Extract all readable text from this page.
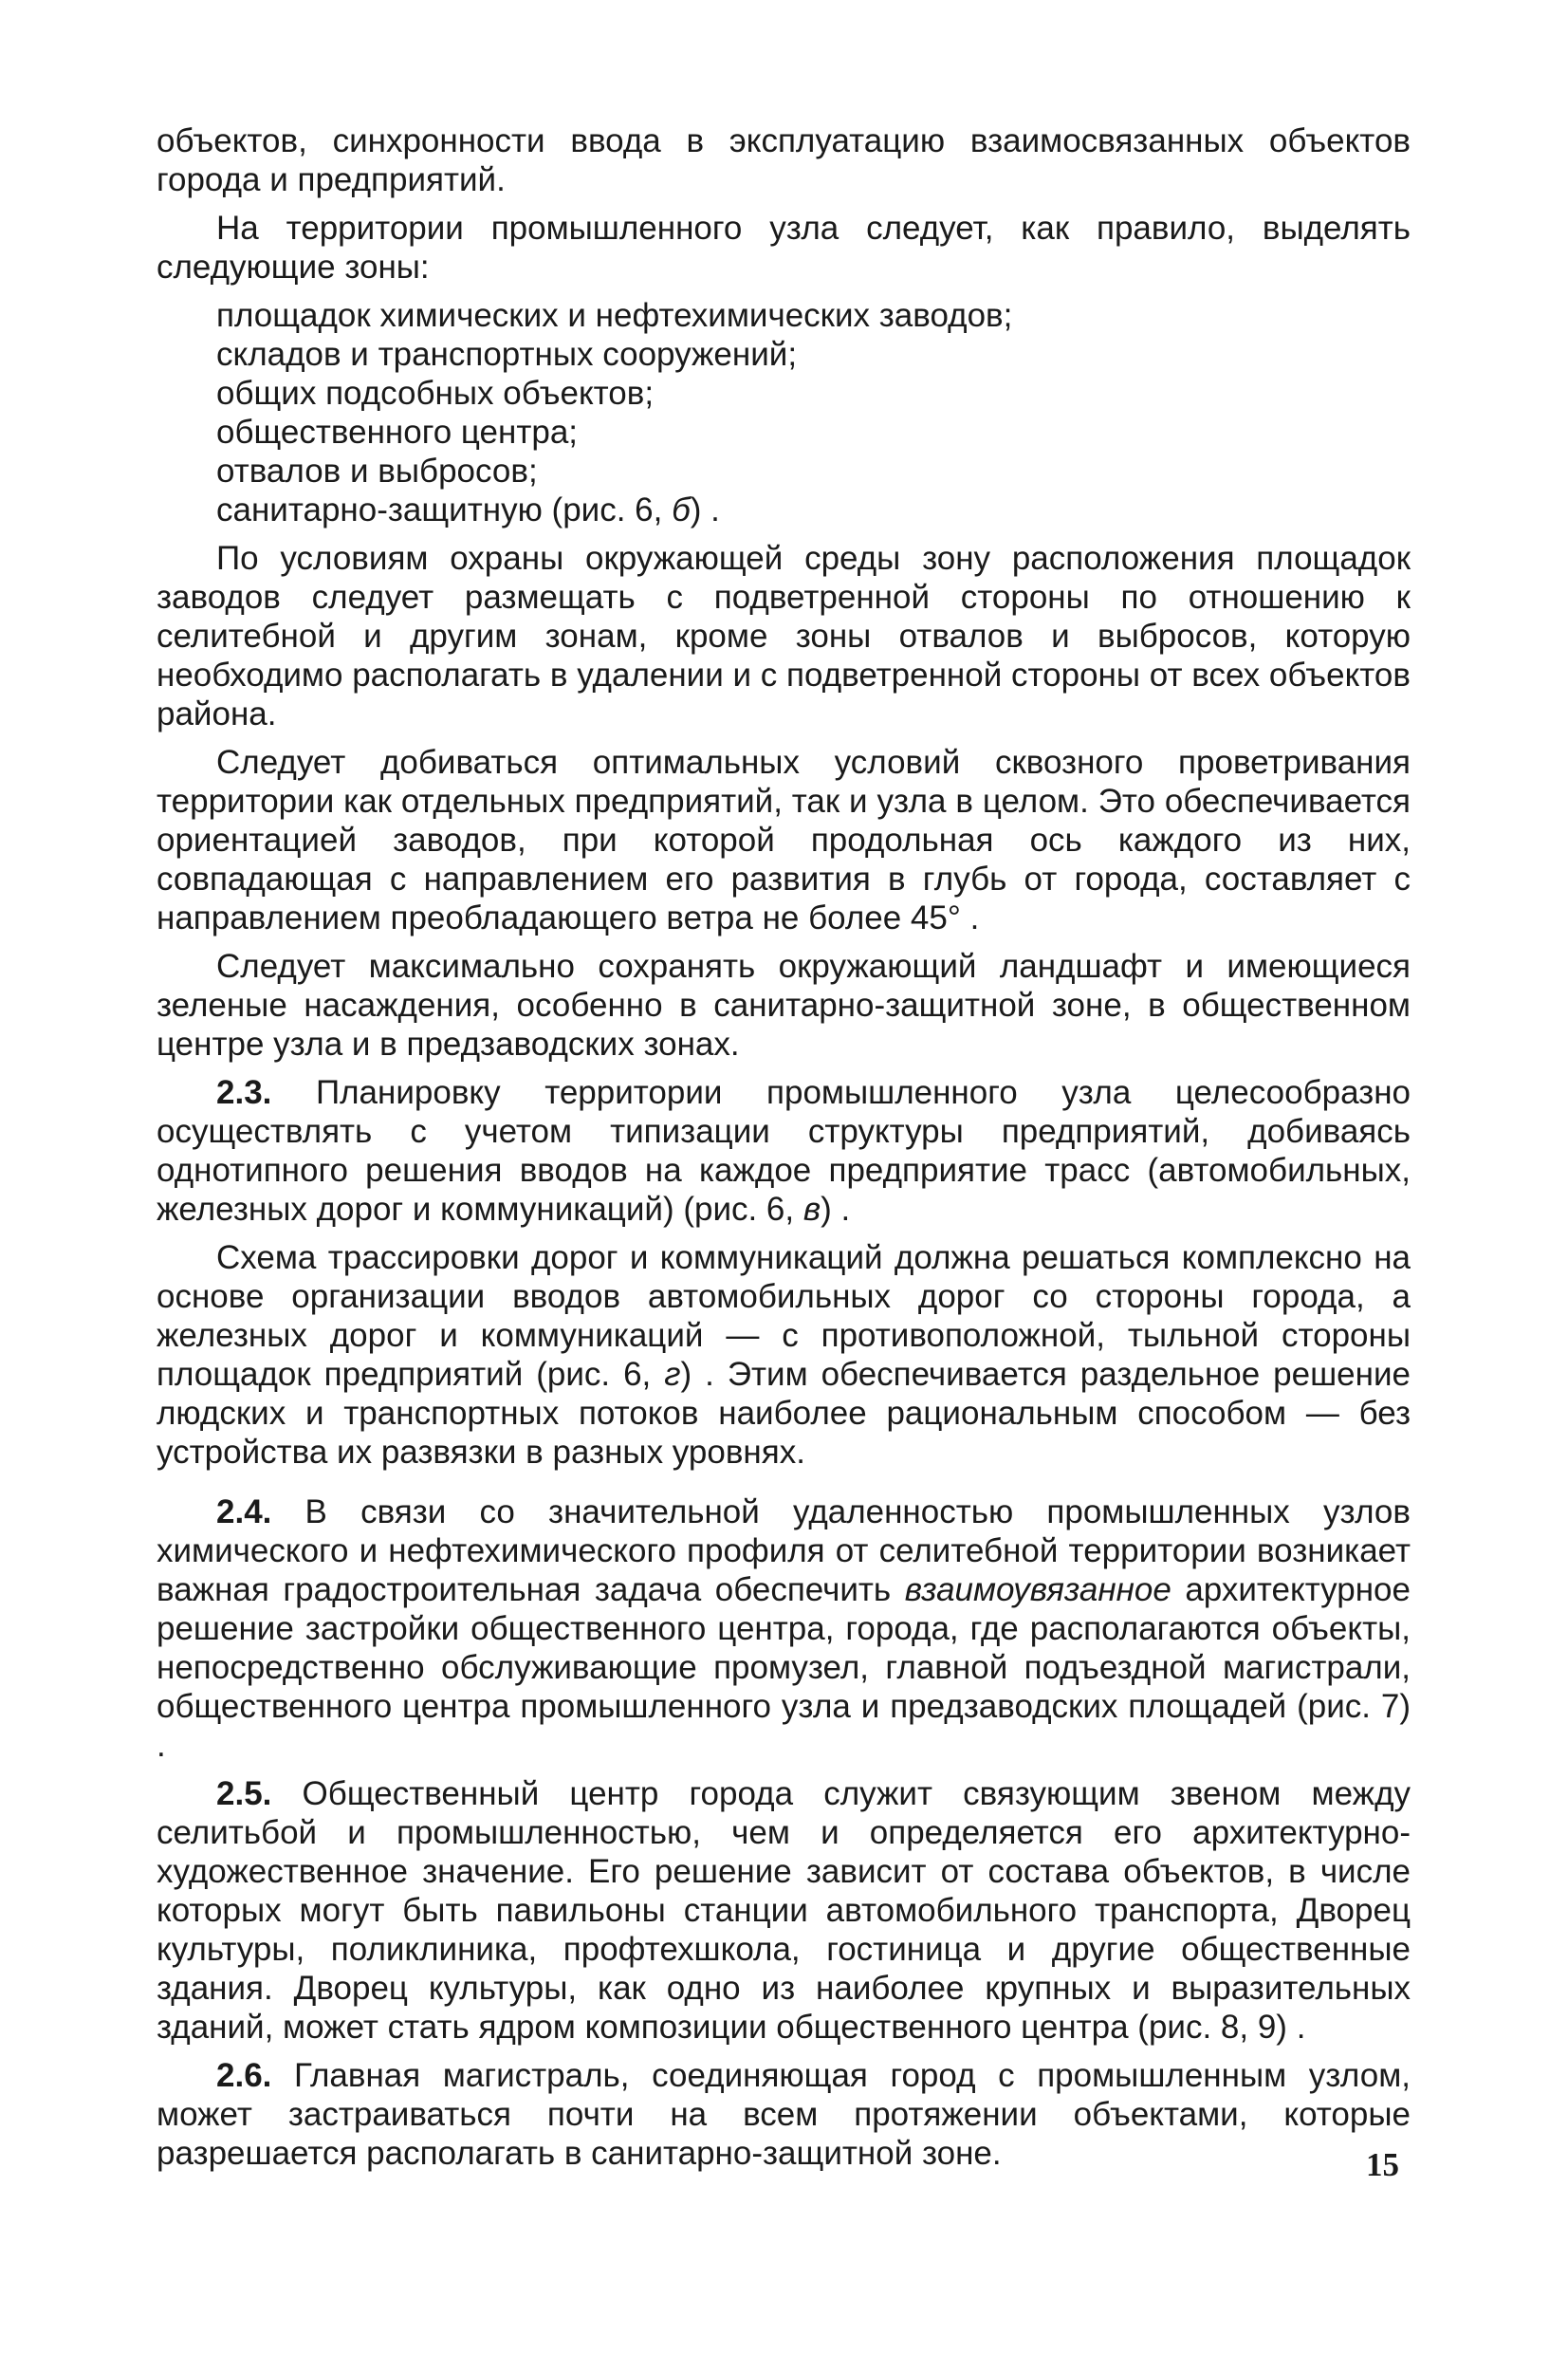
объектов, синхронности ввода в эксплуатацию взаимосвязанных объектов города и предприятий.

На территории промышленного узла следует, как правило, выделять следующие зоны:

площадок химических и нефтехимических заводов;
складов и транспортных сооружений;
общих подсобных объектов;
общественного центра;
отвалов и выбросов;
санитарно-защитную (рис. 6, б) .

По условиям охраны окружающей среды зону расположения площадок заводов следует размещать с подветренной стороны по отношению к селитебной и другим зонам, кроме зоны отвалов и выбросов, которую необходимо располагать в удалении и с подветренной стороны от всех объектов района.

Следует добиваться оптимальных условий сквозного проветривания территории как отдельных предприятий, так и узла в целом. Это обеспечивается ориентацией заводов, при которой продольная ось каждого из них, совпадающая с направлением его развития в глубь от города, составляет с направлением преобладающего ветра не более 45° .

Следует максимально сохранять окружающий ландшафт и имеющиеся зеленые насаждения, особенно в санитарно-защитной зоне, в общественном центре узла и в предзаводских зонах.

2.3. Планировку территории промышленного узла целесообразно осуществлять с учетом типизации структуры предприятий, добиваясь однотипного решения вводов на каждое предприятие трасс (автомобильных, железных дорог и коммуникаций) (рис. 6, в) .

Схема трассировки дорог и коммуникаций должна решаться комплексно на основе организации вводов автомобильных дорог со стороны города, а железных дорог и коммуникаций — с противоположной, тыльной стороны площадок предприятий (рис. 6, г) . Этим обеспечивается раздельное решение людских и транспортных потоков наиболее рациональным способом — без устройства их развязки в разных уровнях.

2.4. В связи со значительной удаленностью промышленных узлов химического и нефтехимического профиля от селитебной территории возникает важная градостроительная задача обеспечить взаимоувязанное архитектурное решение застройки общественного центра, города, где располагаются объекты, непосредственно обслуживающие промузел, главной подъездной магистрали, общественного центра промышленного узла и предзаводских площадей (рис. 7) .

2.5. Общественный центр города служит связующим звеном между селитьбой и промышленностью, чем и определяется его архитектурно-художественное значение. Его решение зависит от состава объектов, в числе которых могут быть павильоны станции автомобильного транспорта, Дворец культуры, поликлиника, профтехшкола, гостиница и другие общественные здания. Дворец культуры, как одно из наиболее крупных и выразительных зданий, может стать ядром композиции общественного центра (рис. 8, 9) .

2.6. Главная магистраль, соединяющая город с промышленным узлом, может застраиваться почти на всем протяжении объектами, которые разрешается располагать в санитарно-защитной зоне.	15
